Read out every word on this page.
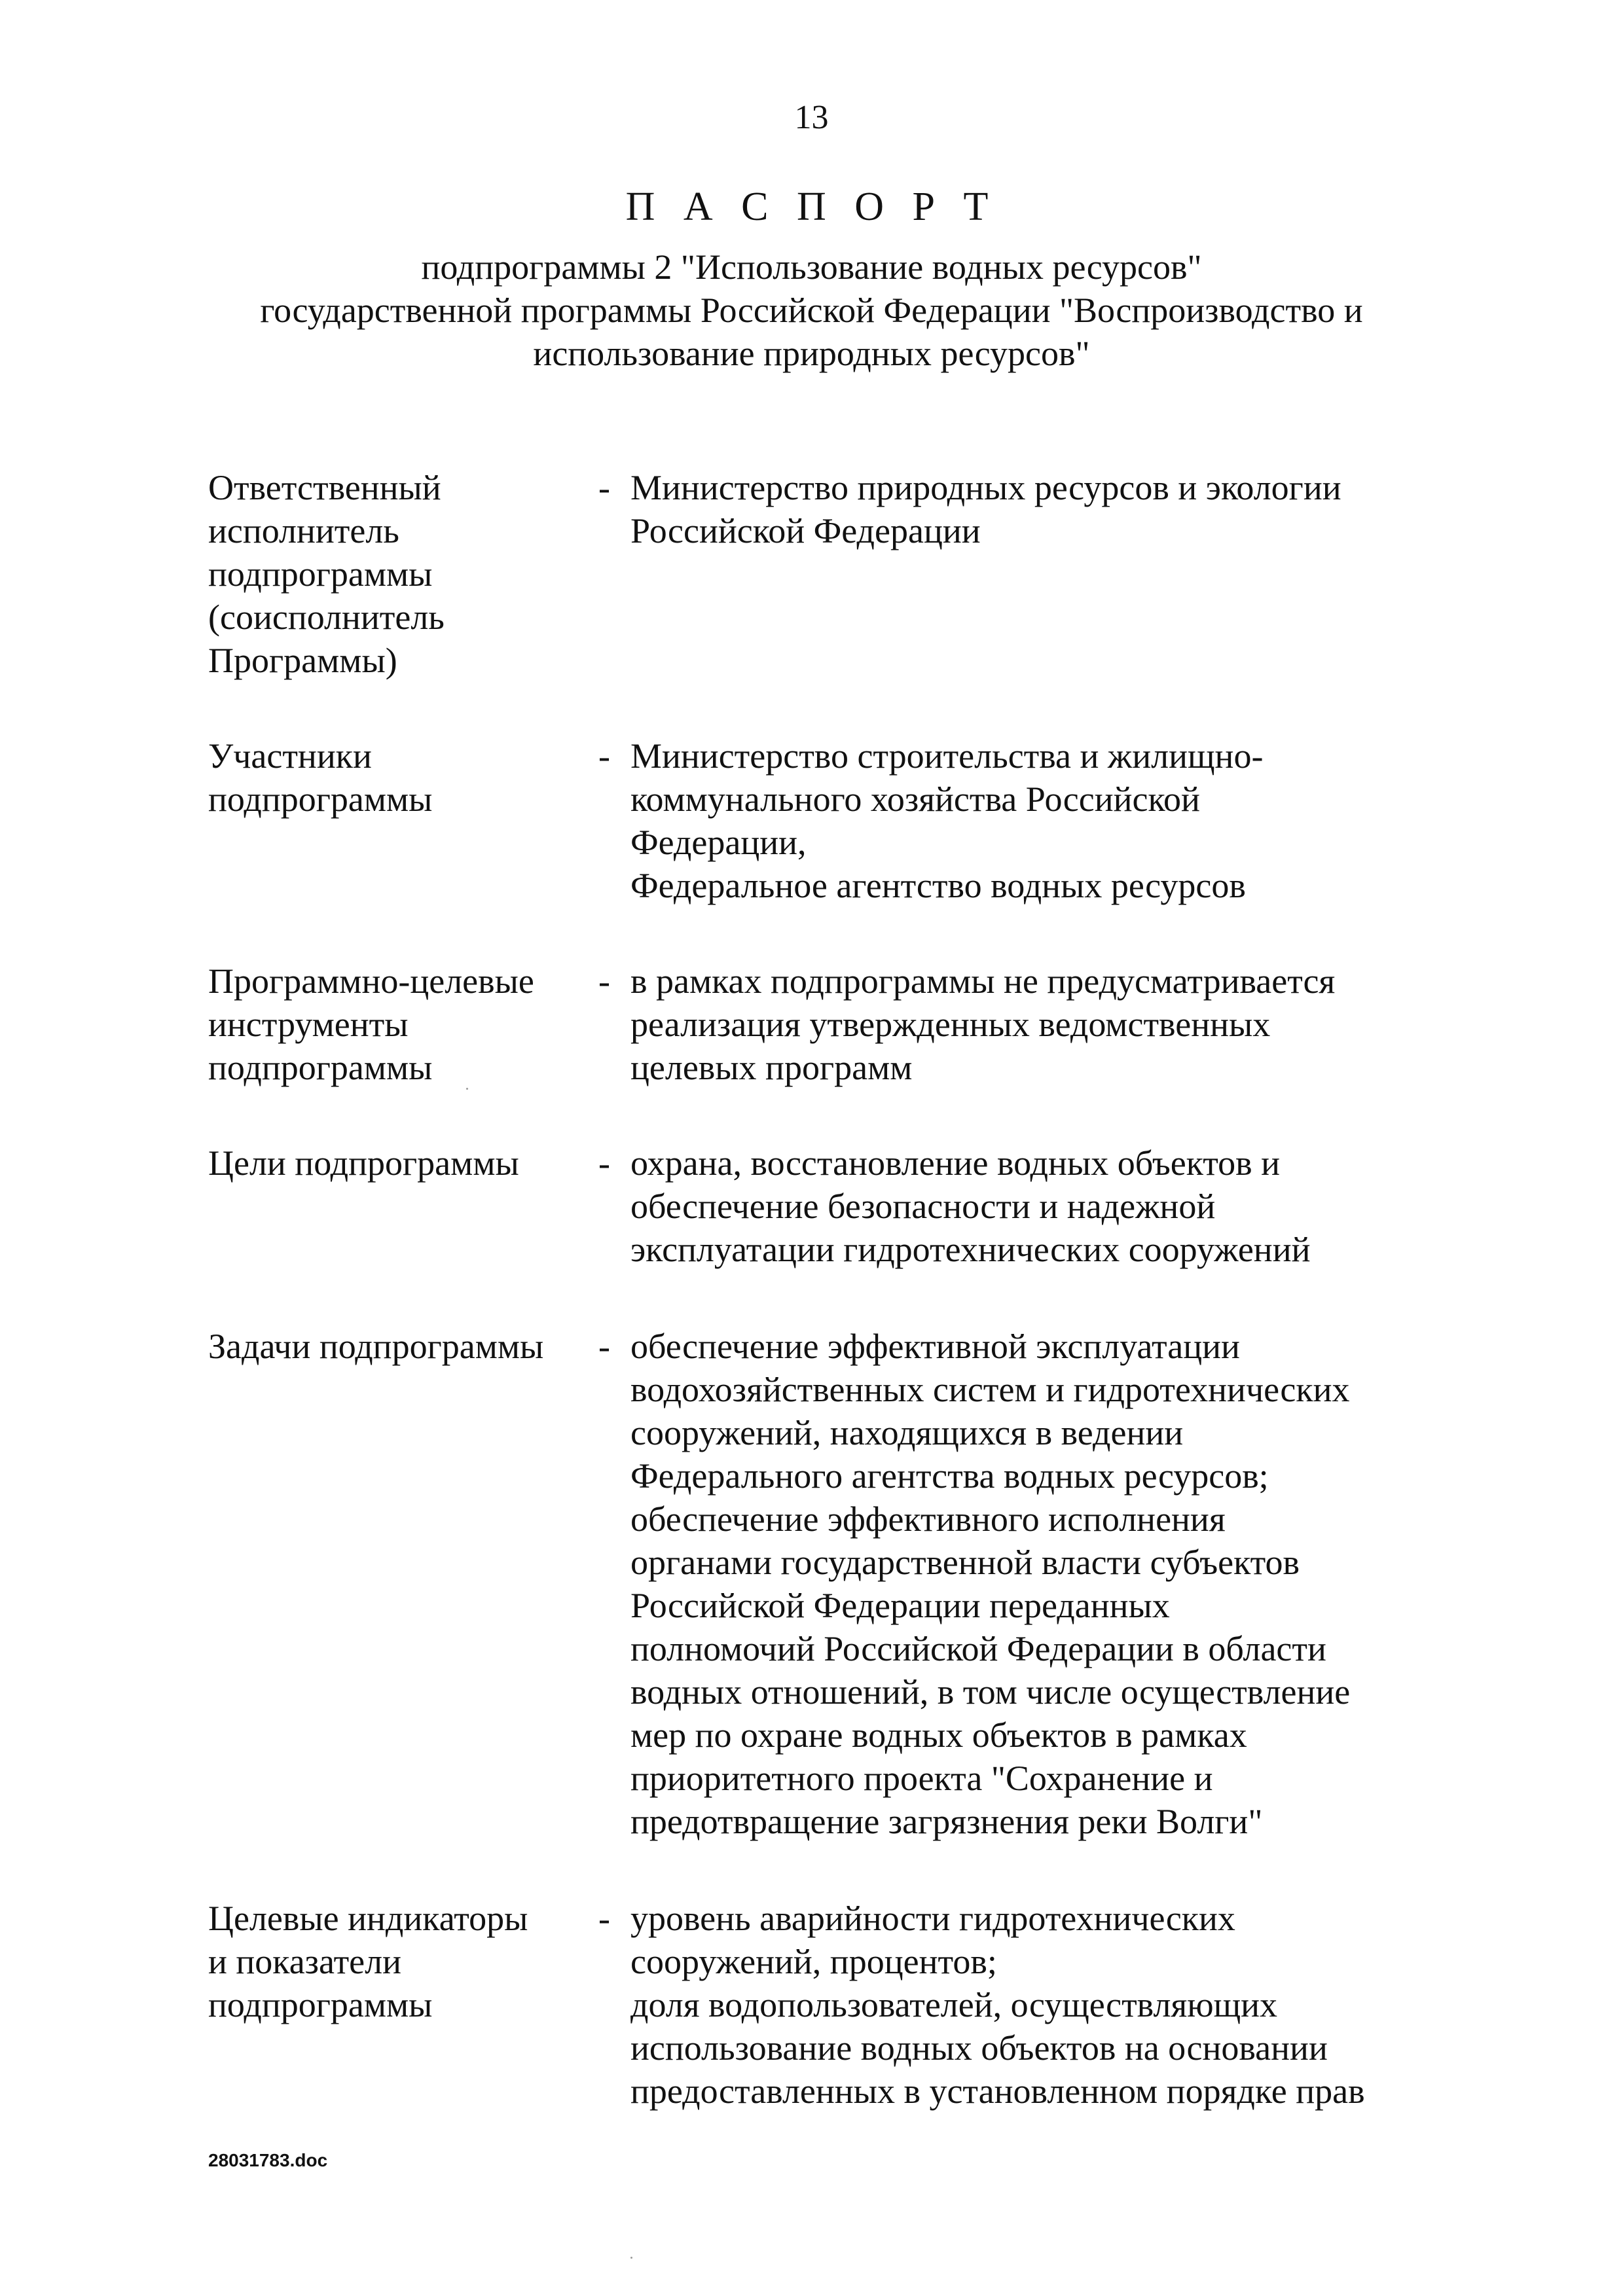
13
П А С П О Р Т
подпрограммы 2 "Использование водных ресурсов"
государственной программы Российской Федерации "Воспроизводство и
использование природных ресурсов"
Ответственный
исполнитель
подпрограммы
(соисполнитель
Программы)
- Министерство природных ресурсов и экологии
Российской Федерации
Участники
подпрограммы
- Министерство строительства и жилищно-
коммунального хозяйства Российской
Федерации,
Федеральное агентство водных ресурсов
Программно-целевые
инструменты
подпрограммы
- в рамках подпрограммы не предусматривается
реализация утвержденных ведомственных
целевых программ
Цели подпрограммы	- охрана, восстановление водных объектов и
обеспечение безопасности и надежной
эксплуатации гидротехнических сооружений
Задачи подпрограммы	- обеспечение эффективной эксплуатации
водохозяйственных систем и гидротехнических
сооружений, находящихся в ведении
Федерального агентства водных ресурсов;
обеспечение эффективного исполнения
органами государственной власти субъектов
Российской Федерации переданных
полномочий Российской Федерации в области
водных отношений, в том числе осуществление
мер по охране водных объектов в рамках
приоритетного проекта "Сохранение и
предотвращение загрязнения реки Волги"
Целевые индикаторы
и показатели
подпрограммы
- уровень аварийности гидротехнических
сооружений, процентов;
доля водопользователей, осуществляющих
использование водных объектов на основании
предоставленных в установленном порядке прав
28031783.doc
